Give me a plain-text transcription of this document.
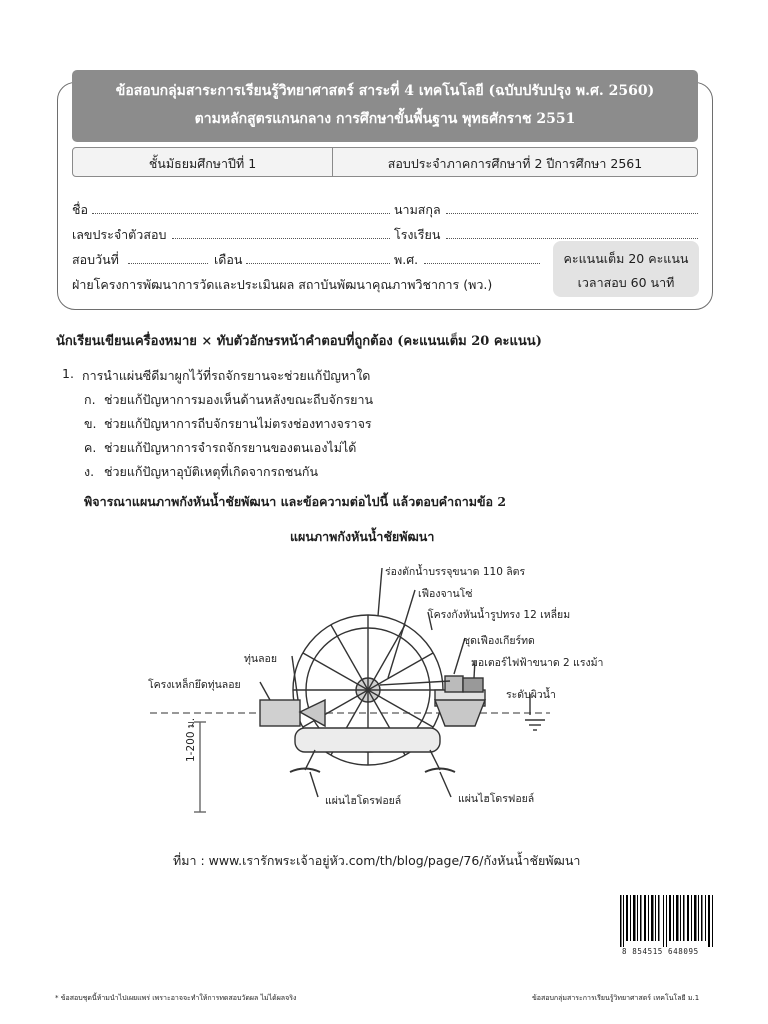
ข้อสอบกลุ่มสาระการเรียนรู้วิทยาศาสตร์ สาระที่ 4 เทคโนโลยี (ฉบับปรับปรุง พ.ศ. 2560)
ตามหลักสูตรแกนกลาง การศึกษาขั้นพื้นฐาน พุทธศักราช 2551
ชั้นมัธยมศึกษาปีที่ 1	สอบประจำภาคการศึกษาที่ 2 ปีการศึกษา 2561
ชื่อ	นามสกุล
เลขประจำตัวสอบ	โรงเรียน
สอบวันที่	เดือน	พ.ศ.
ฝ่ายโครงการพัฒนาการวัดและประเมินผล สถาบันพัฒนาคุณภาพวิชาการ (พว.)
คะแนนเต็ม 20 คะแนน
เวลาสอบ 60 นาที
นักเรียนเขียนเครื่องหมาย × ทับตัวอักษรหน้าคำตอบที่ถูกต้อง (คะแนนเต็ม 20 คะแนน)
1. การนำแผ่นซีดีมาผูกไว้ที่รถจักรยานจะช่วยแก้ปัญหาใด
ก. ช่วยแก้ปัญหาการมองเห็นด้านหลังขณะถีบจักรยาน
ข. ช่วยแก้ปัญหาการถีบจักรยานไม่ตรงช่องทางจราจร
ค. ช่วยแก้ปัญหาการจำรถจักรยานของตนเองไม่ได้
ง. ช่วยแก้ปัญหาอุบัติเหตุที่เกิดจากรถชนกัน
พิจารณาแผนภาพกังหันน้ำชัยพัฒนา และข้อความต่อไปนี้ แล้วตอบคำถามข้อ 2
แผนภาพกังหันน้ำชัยพัฒนา
ร่องตักน้ำบรรจุขนาด 110 ลิตร
เฟืองจานโซ่
โครงกังหันน้ำรูปทรง 12 เหลี่ยม
ชุดเฟืองเกียร์ทด
มอเตอร์ไฟฟ้าขนาด 2 แรงม้า
ระดับผิวน้ำ
ทุ่นลอย
โครงเหล็กยึดทุ่นลอย
1-200 ม.
แผ่นไฮโดรฟอยล์	แผ่นไฮโดรฟอยล์
ที่มา : www.เรารักพระเจ้าอยู่หัว.com/th/blog/page/76/กังหันน้ำชัยพัฒนา
8 854515 648095
* ข้อสอบชุดนี้ห้ามนำไปเผยแพร่ เพราะอาจจะทำให้การทดสอบวัดผล ไม่ได้ผลจริง	ข้อสอบกลุ่มสาระการเรียนรู้วิทยาศาสตร์ เทคโนโลยี ม.1
